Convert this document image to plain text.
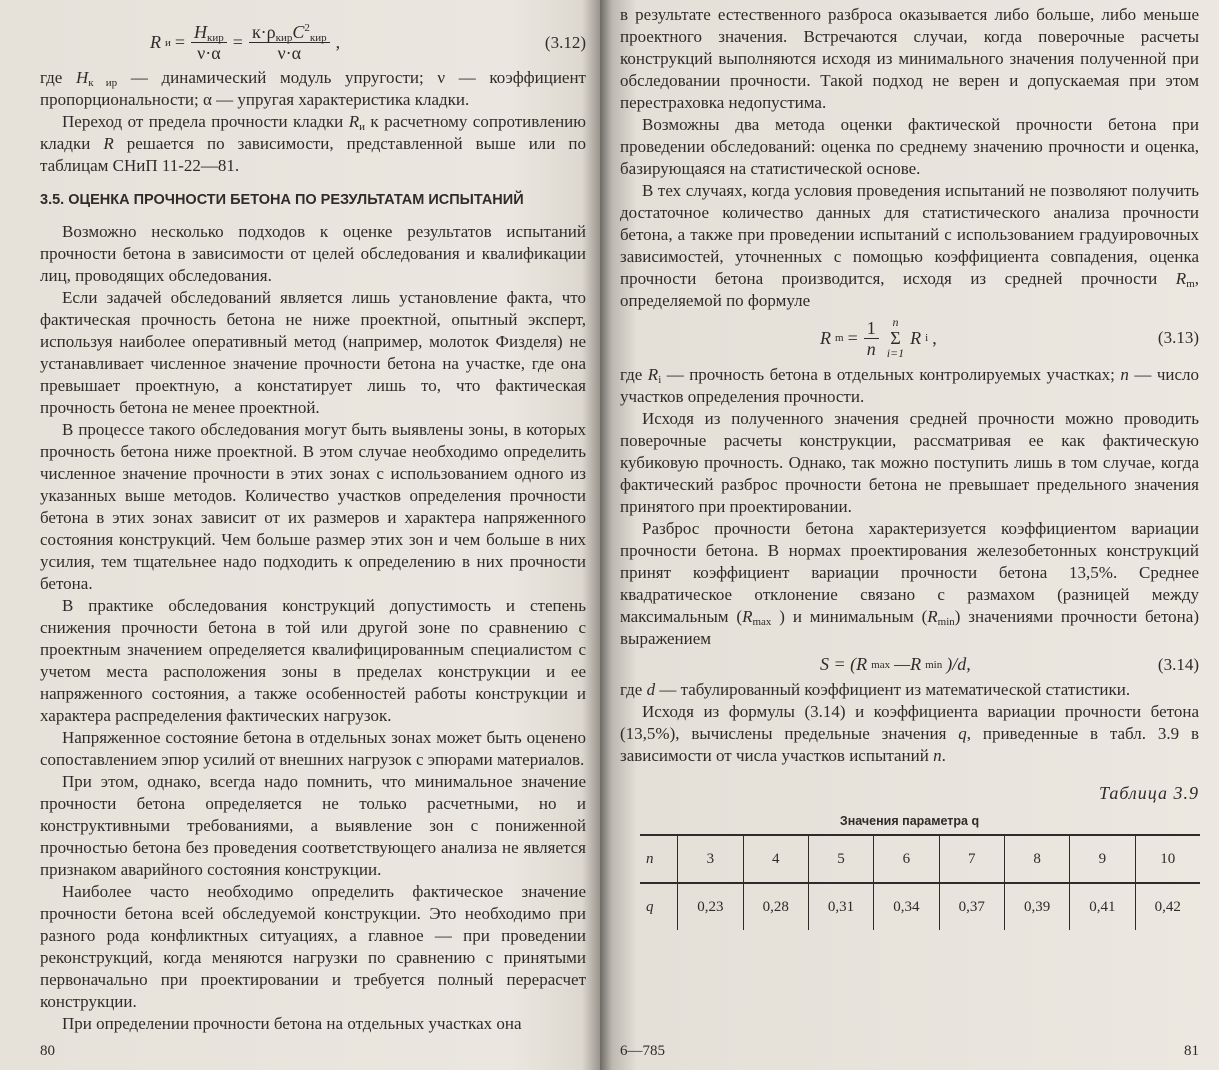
R $и = \frac{H_{кир}}{\nu\cdot\alpha} = \frac{к\cdot\rho_{кир}C^2_{кир}}{\nu\cdot\alpha}$ ,	(3.12)

где $H_{к ир}$ — динамический модуль упругости; ν — коэффициент пропорциональности; α — упругая характеристика кладки.

Переход от предела прочности кладки $R_и$ к расчетному сопротивлению кладки R решается по зависимости, представленной выше или по таблицам СНиП 11-22—81.

3.5. ОЦЕНКА ПРОЧНОСТИ БЕТОНА ПО РЕЗУЛЬТАТАМ ИСПЫТАНИЙ

Возможно несколько подходов к оценке результатов испытаний прочности бетона в зависимости от целей обследования и квалификации лиц, проводящих обследования.

Если задачей обследований является лишь установление факта, что фактическая прочность бетона не ниже проектной, опытный эксперт, используя наиболее оперативный метод (например, молоток Физделя) не устанавливает численное значение прочности бетона на участке, где она превышает проектную, а констатирует лишь то, что фактическая прочность бетона не менее проектной.

В процессе такого обследования могут быть выявлены зоны, в которых прочность бетона ниже проектной. В этом случае необходимо определить численное значение прочности в этих зонах с использованием одного из указанных выше методов. Количество участков определения прочности бетона в этих зонах зависит от их размеров и характера напряженного состояния конструкций. Чем больше размер этих зон и чем больше в них усилия, тем тщательнее надо подходить к определению в них прочности бетона.

В практике обследования конструкций допустимость и степень снижения прочности бетона в той или другой зоне по сравнению с проектным значением определяется квалифицированным специалистом с учетом места расположения зоны в пределах конструкции и ее напряженного состояния, а также особенностей работы конструкции и характера распределения фактических нагрузок.

Напряженное состояние бетона в отдельных зонах может быть оценено сопоставлением эпюр усилий от внешних нагрузок с эпюрами материалов.

При этом, однако, всегда надо помнить, что минимальное значение прочности бетона определяется не только расчетными, но и конструктивными требованиями, а выявление зон с пониженной прочностью бетона без проведения соответствующего анализа не является признаком аварийного состояния конструкции.

Наиболее часто необходимо определить фактическое значение прочности бетона всей обследуемой конструкции. Это необходимо при разного рода конфликтных ситуациях, а главное — при проведении реконструкций, когда меняются нагрузки по сравнению с принятыми первоначально при проектировании и требуется полный перерасчет конструкции.

При определении прочности бетона на отдельных участках она

80

в результате естественного разброса оказывается либо больше, либо меньше проектного значения. Встречаются случаи, когда поверочные расчеты конструкций выполняются исходя из минимального значения полученной при обследовании прочности. Такой подход не верен и допускаемая при этом перестраховка недопустима.

Возможны два метода оценки фактической прочности бетона при проведении обследований: оценка по среднему значению прочности и оценка, базирующаяся на статистической основе.

В тех случаях, когда условия проведения испытаний не позволяют получить достаточное количество данных для статистического анализа прочности бетона, а также при проведении испытаний с использованием градуировочных зависимостей, уточненных с помощью коэффициента совпадения, оценка прочности бетона производится, исходя из средней прочности $R_m$, определяемой по формуле

R $m = \frac{1}{n}$ n
Σ
i=1
R i ,	(3.13)

где $R_i$ — прочность бетона в отдельных контролируемых участках; n — число участков определения прочности.

Исходя из полученного значения средней прочности можно проводить поверочные расчеты конструкции, рассматривая ее как фактическую кубиковую прочность. Однако, так можно поступить лишь в том случае, когда фактический разброс прочности бетона не превышает предельного значения принятого при проектировании.

Разброс прочности бетона характеризуется коэффициентом вариации прочности бетона. В нормах проектирования железобетонных конструкций принят коэффициент вариации прочности бетона 13,5%. Среднее квадратическое отклонение связано с размахом (разницей между максимальным ($R_{max}$ ) и минимальным $(R_{min})$ значениями прочности бетона) выражением

S = (R max —R min )/d,	(3.14)

где d — табулированный коэффициент из математической статистики.

Исходя из формулы (3.14) и коэффициента вариации прочности бетона (13,5%), вычислены предельные значения q, приведенные в табл. 3.9 в зависимости от числа участков испытаний n.

Таблица 3.9
Значения параметра q
n	3	4	5	6	7	8	9	10
q	0,23	0,28	0,31	0,34	0,37	0,39	0,41	0,42
6—785	81
